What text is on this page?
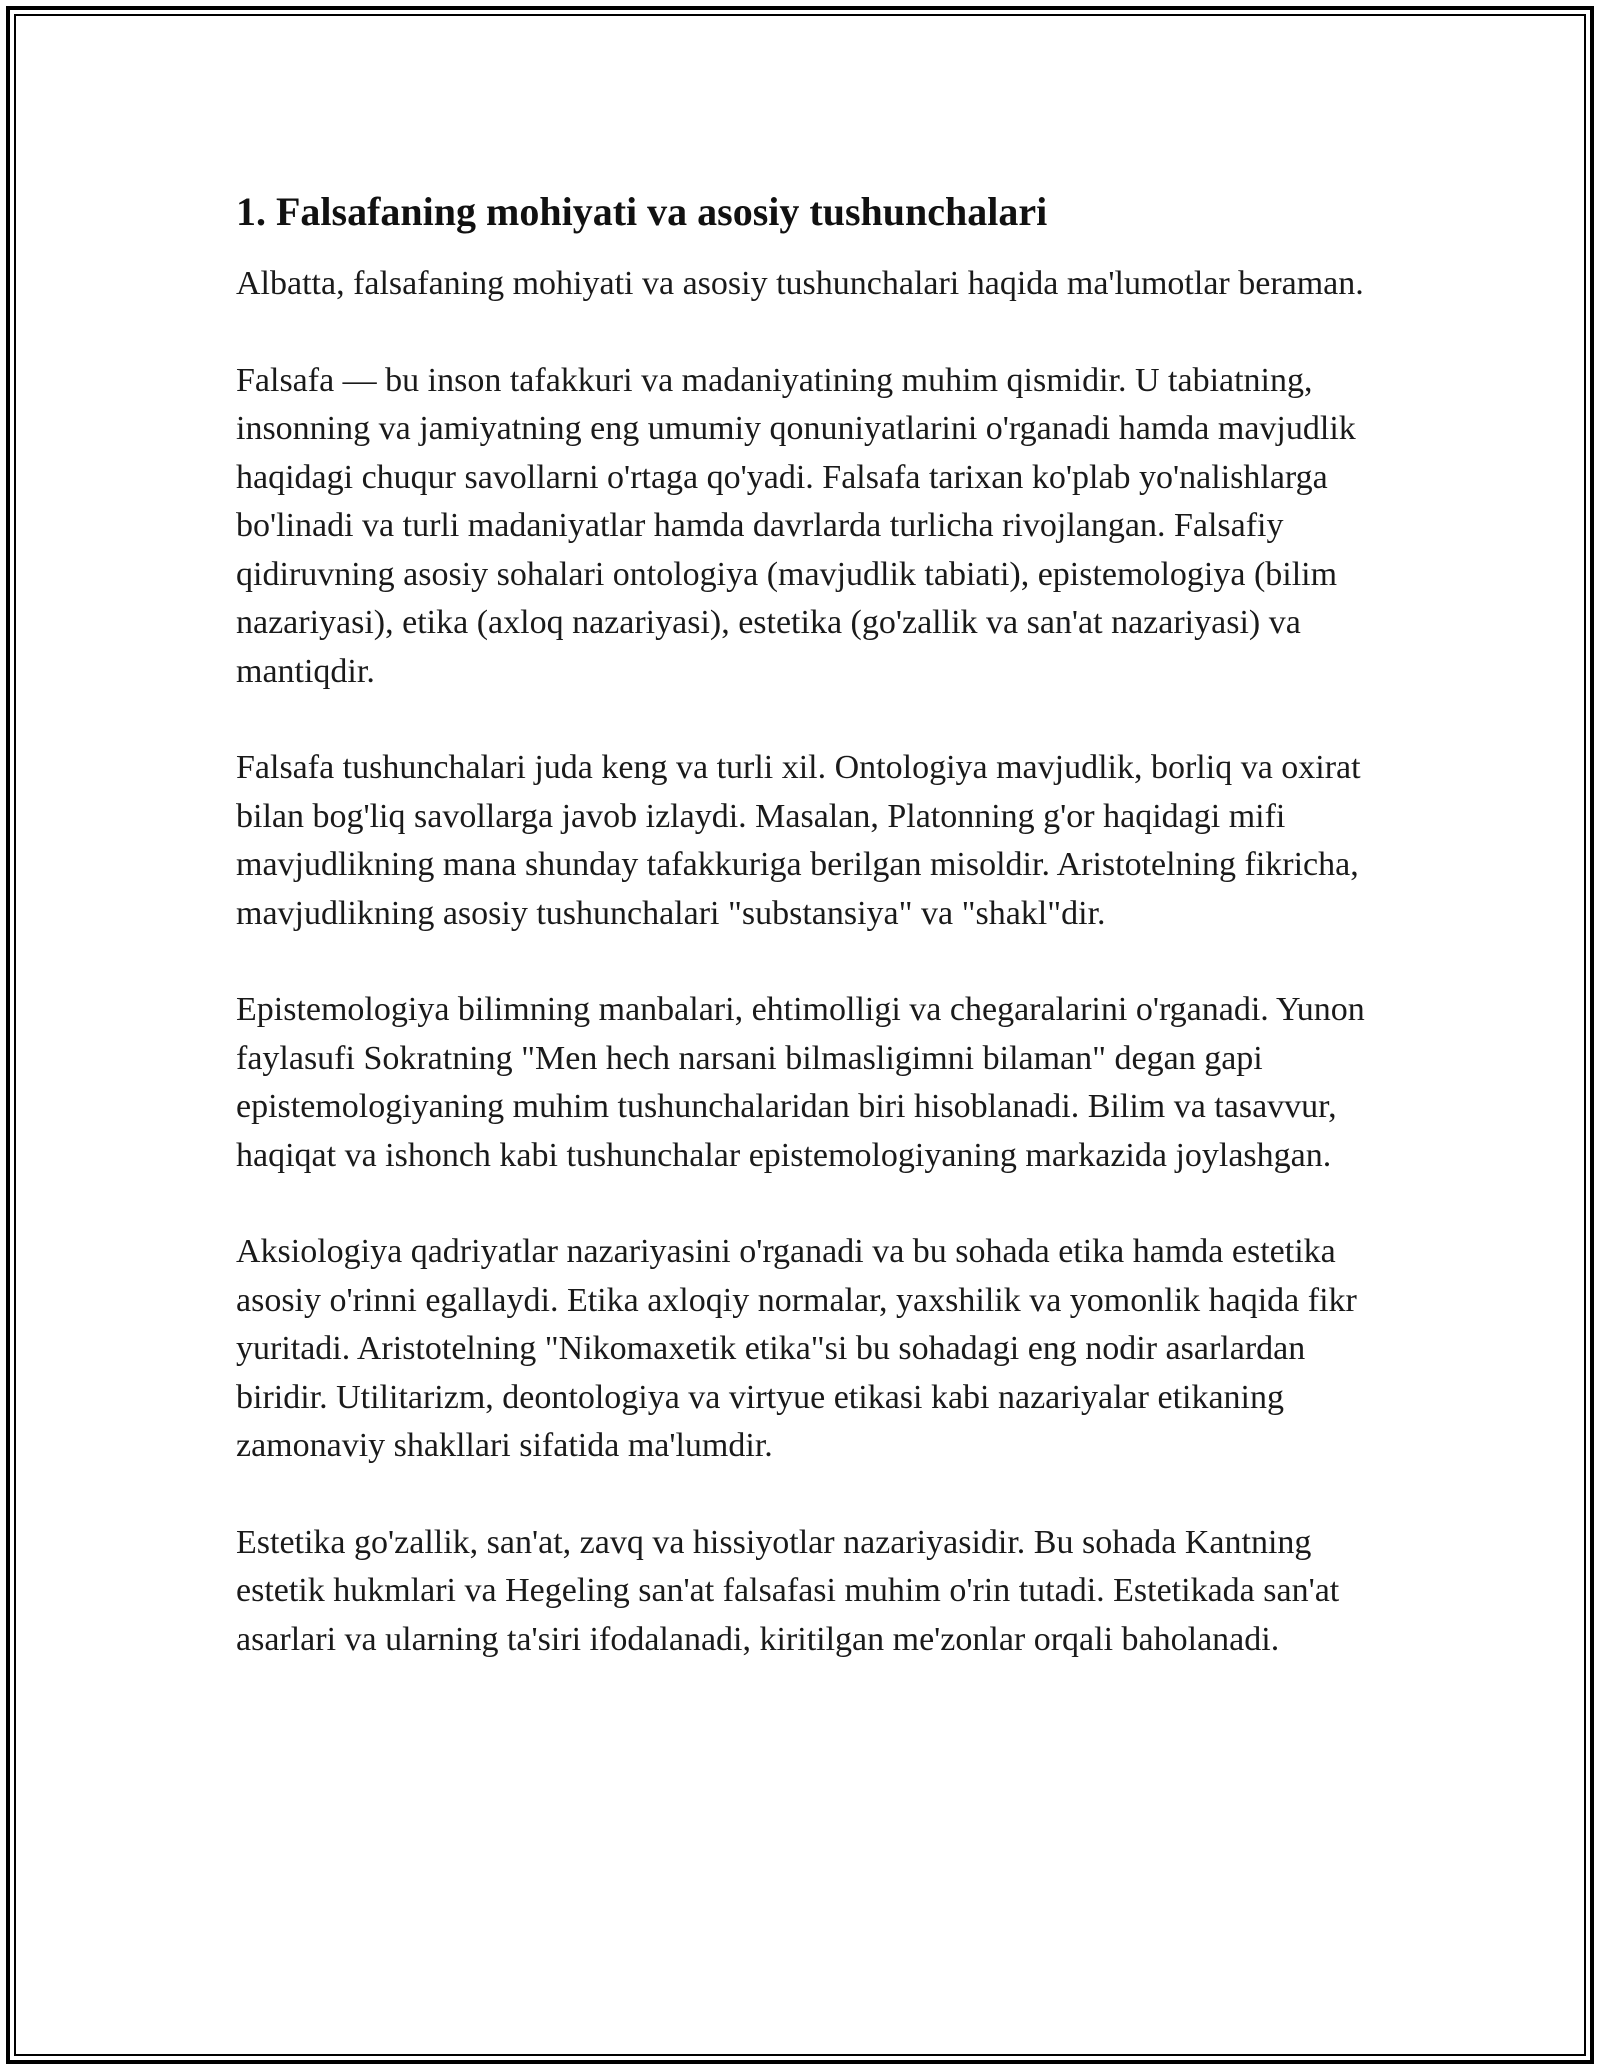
1. Falsafaning mohiyati va asosiy tushunchalari

Albatta, falsafaning mohiyati va asosiy tushunchalari haqida ma'lumotlar beraman.

Falsafa — bu inson tafakkuri va madaniyatining muhim qismidir. U tabiatning, insonning va jamiyatning eng umumiy qonuniyatlarini o'rganadi hamda mavjudlik haqidagi chuqur savollarni o'rtaga qo'yadi. Falsafa tarixan ko'plab yo'nalishlarga bo'linadi va turli madaniyatlar hamda davrlarda turlicha rivojlangan. Falsafiy qidiruvning asosiy sohalari ontologiya (mavjudlik tabiati), epistemologiya (bilim nazariyasi), etika (axloq nazariyasi), estetika (go'zallik va san'at nazariyasi) va mantiqdir.

Falsafa tushunchalari juda keng va turli xil. Ontologiya mavjudlik, borliq va oxirat bilan bog'liq savollarga javob izlaydi. Masalan, Platonning g'or haqidagi mifi mavjudlikning mana shunday tafakkuriga berilgan misoldir. Aristotelning fikricha, mavjudlikning asosiy tushunchalari "substansiya" va "shakl"dir.

Epistemologiya bilimning manbalari, ehtimolligi va chegaralarini o'rganadi. Yunon faylasufi Sokratning "Men hech narsani bilmasligimni bilaman" degan gapi epistemologiyaning muhim tushunchalaridan biri hisoblanadi. Bilim va tasavvur, haqiqat va ishonch kabi tushunchalar epistemologiyaning markazida joylashgan.

Aksiologiya qadriyatlar nazariyasini o'rganadi va bu sohada etika hamda estetika asosiy o'rinni egallaydi. Etika axloqiy normalar, yaxshilik va yomonlik haqida fikr yuritadi. Aristotelning "Nikomaxetik etika"si bu sohadagi eng nodir asarlardan biridir. Utilitarizm, deontologiya va virtyue etikasi kabi nazariyalar etikaning zamonaviy shakllari sifatida ma'lumdir.

Estetika go'zallik, san'at, zavq va hissiyotlar nazariyasidir. Bu sohada Kantning estetik hukmlari va Hegeling san'at falsafasi muhim o'rin tutadi. Estetikada san'at asarlari va ularning ta'siri ifodalanadi, kiritilgan me'zonlar orqali baholanadi.
